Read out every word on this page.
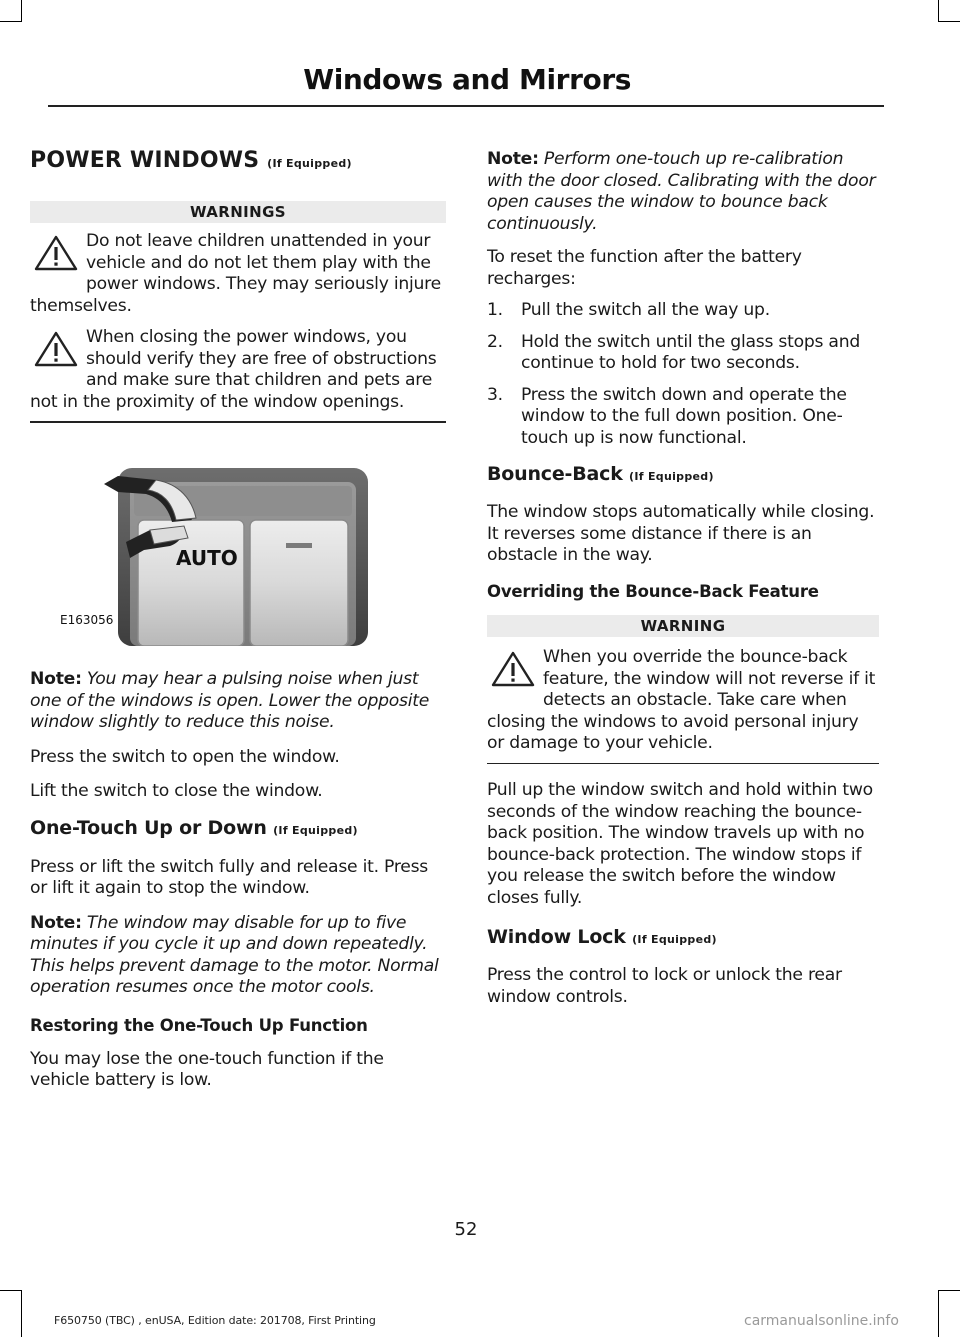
Windows and Mirrors
POWER WINDOWS (If Equipped)
WARNINGS

Do not leave children unattended in your vehicle and do not let them play with the power windows. They may seriously injure themselves.

When closing the power windows, you should verify they are free of obstructions and make sure that children and pets are not in the proximity of the window openings.

AUTO
E163056

Note: You may hear a pulsing noise when just one of the windows is open. Lower the opposite window slightly to reduce this noise.

Press the switch to open the window.

Lift the switch to close the window.

One-Touch Up or Down (If Equipped)

Press or lift the switch fully and release it. Press or lift it again to stop the window.

Note: The window may disable for up to five minutes if you cycle it up and down repeatedly. This helps prevent damage to the motor. Normal operation resumes once the motor cools.

Restoring the One-Touch Up Function

You may lose the one-touch function if the vehicle battery is low.

Note: Perform one-touch up re-calibration with the door closed. Calibrating with the door open causes the window to bounce back continuously.

To reset the function after the battery recharges:

1. Pull the switch all the way up.
2. Hold the switch until the glass stops and continue to hold for two seconds.
3. Press the switch down and operate the window to the full down position. One-touch up is now functional.
Bounce-Back (If Equipped)

The window stops automatically while closing. It reverses some distance if there is an obstacle in the way.

Overriding the Bounce-Back Feature
WARNING

When you override the bounce-back feature, the window will not reverse if it detects an obstacle. Take care when closing the windows to avoid personal injury or damage to your vehicle.

Pull up the window switch and hold within two seconds of the window reaching the bounce-back position. The window travels up with no bounce-back protection. The window stops if you release the switch before the window closes fully.

Window Lock (If Equipped)

Press the control to lock or unlock the rear window controls.

52
F650750 (TBC) , enUSA, Edition date: 201708, First Printing	carmanualsonline.info
